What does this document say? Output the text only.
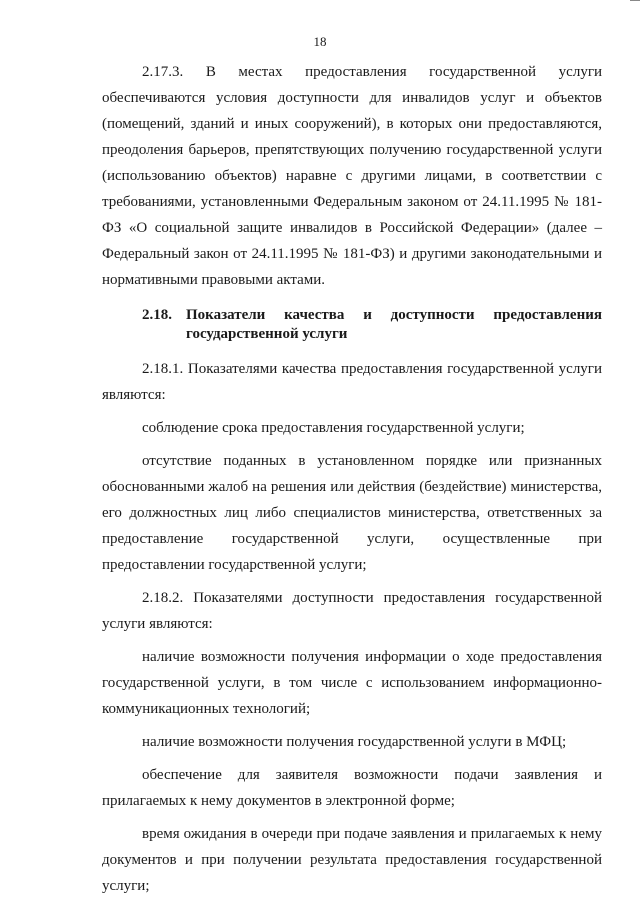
18

2.17.3. В местах предоставления государственной услуги обеспечиваются условия доступности для инвалидов услуг и объектов (помещений, зданий и иных сооружений), в которых они предоставляются, преодоления барьеров, препятствующих получению государственной услуги (использованию объектов) наравне с другими лицами, в соответствии с требованиями, установленными Федеральным законом от 24.11.1995 № 181-ФЗ «О социальной защите инвалидов в Российской Федерации» (далее – Федеральный закон от 24.11.1995 № 181-ФЗ) и другими законодательными и нормативными правовыми актами.

2.18. Показатели качества и доступности предоставления государственной услуги

2.18.1. Показателями качества предоставления государственной услуги являются:

соблюдение срока предоставления государственной услуги;

отсутствие поданных в установленном порядке или признанных обоснованными жалоб на решения или действия (бездействие) министерства, его должностных лиц либо специалистов министерства, ответственных за предоставление государственной услуги, осуществленные при предоставлении государственной услуги;

2.18.2. Показателями доступности предоставления государственной услуги являются:

наличие возможности получения информации о ходе предоставления государственной услуги, в том числе с использованием информационно-коммуникационных технологий;

наличие возможности получения государственной услуги в МФЦ;

обеспечение для заявителя возможности подачи заявления и прилагаемых к нему документов в электронной форме;

время ожидания в очереди при подаче заявления и прилагаемых к нему документов и при получении результата предоставления государственной услуги;
